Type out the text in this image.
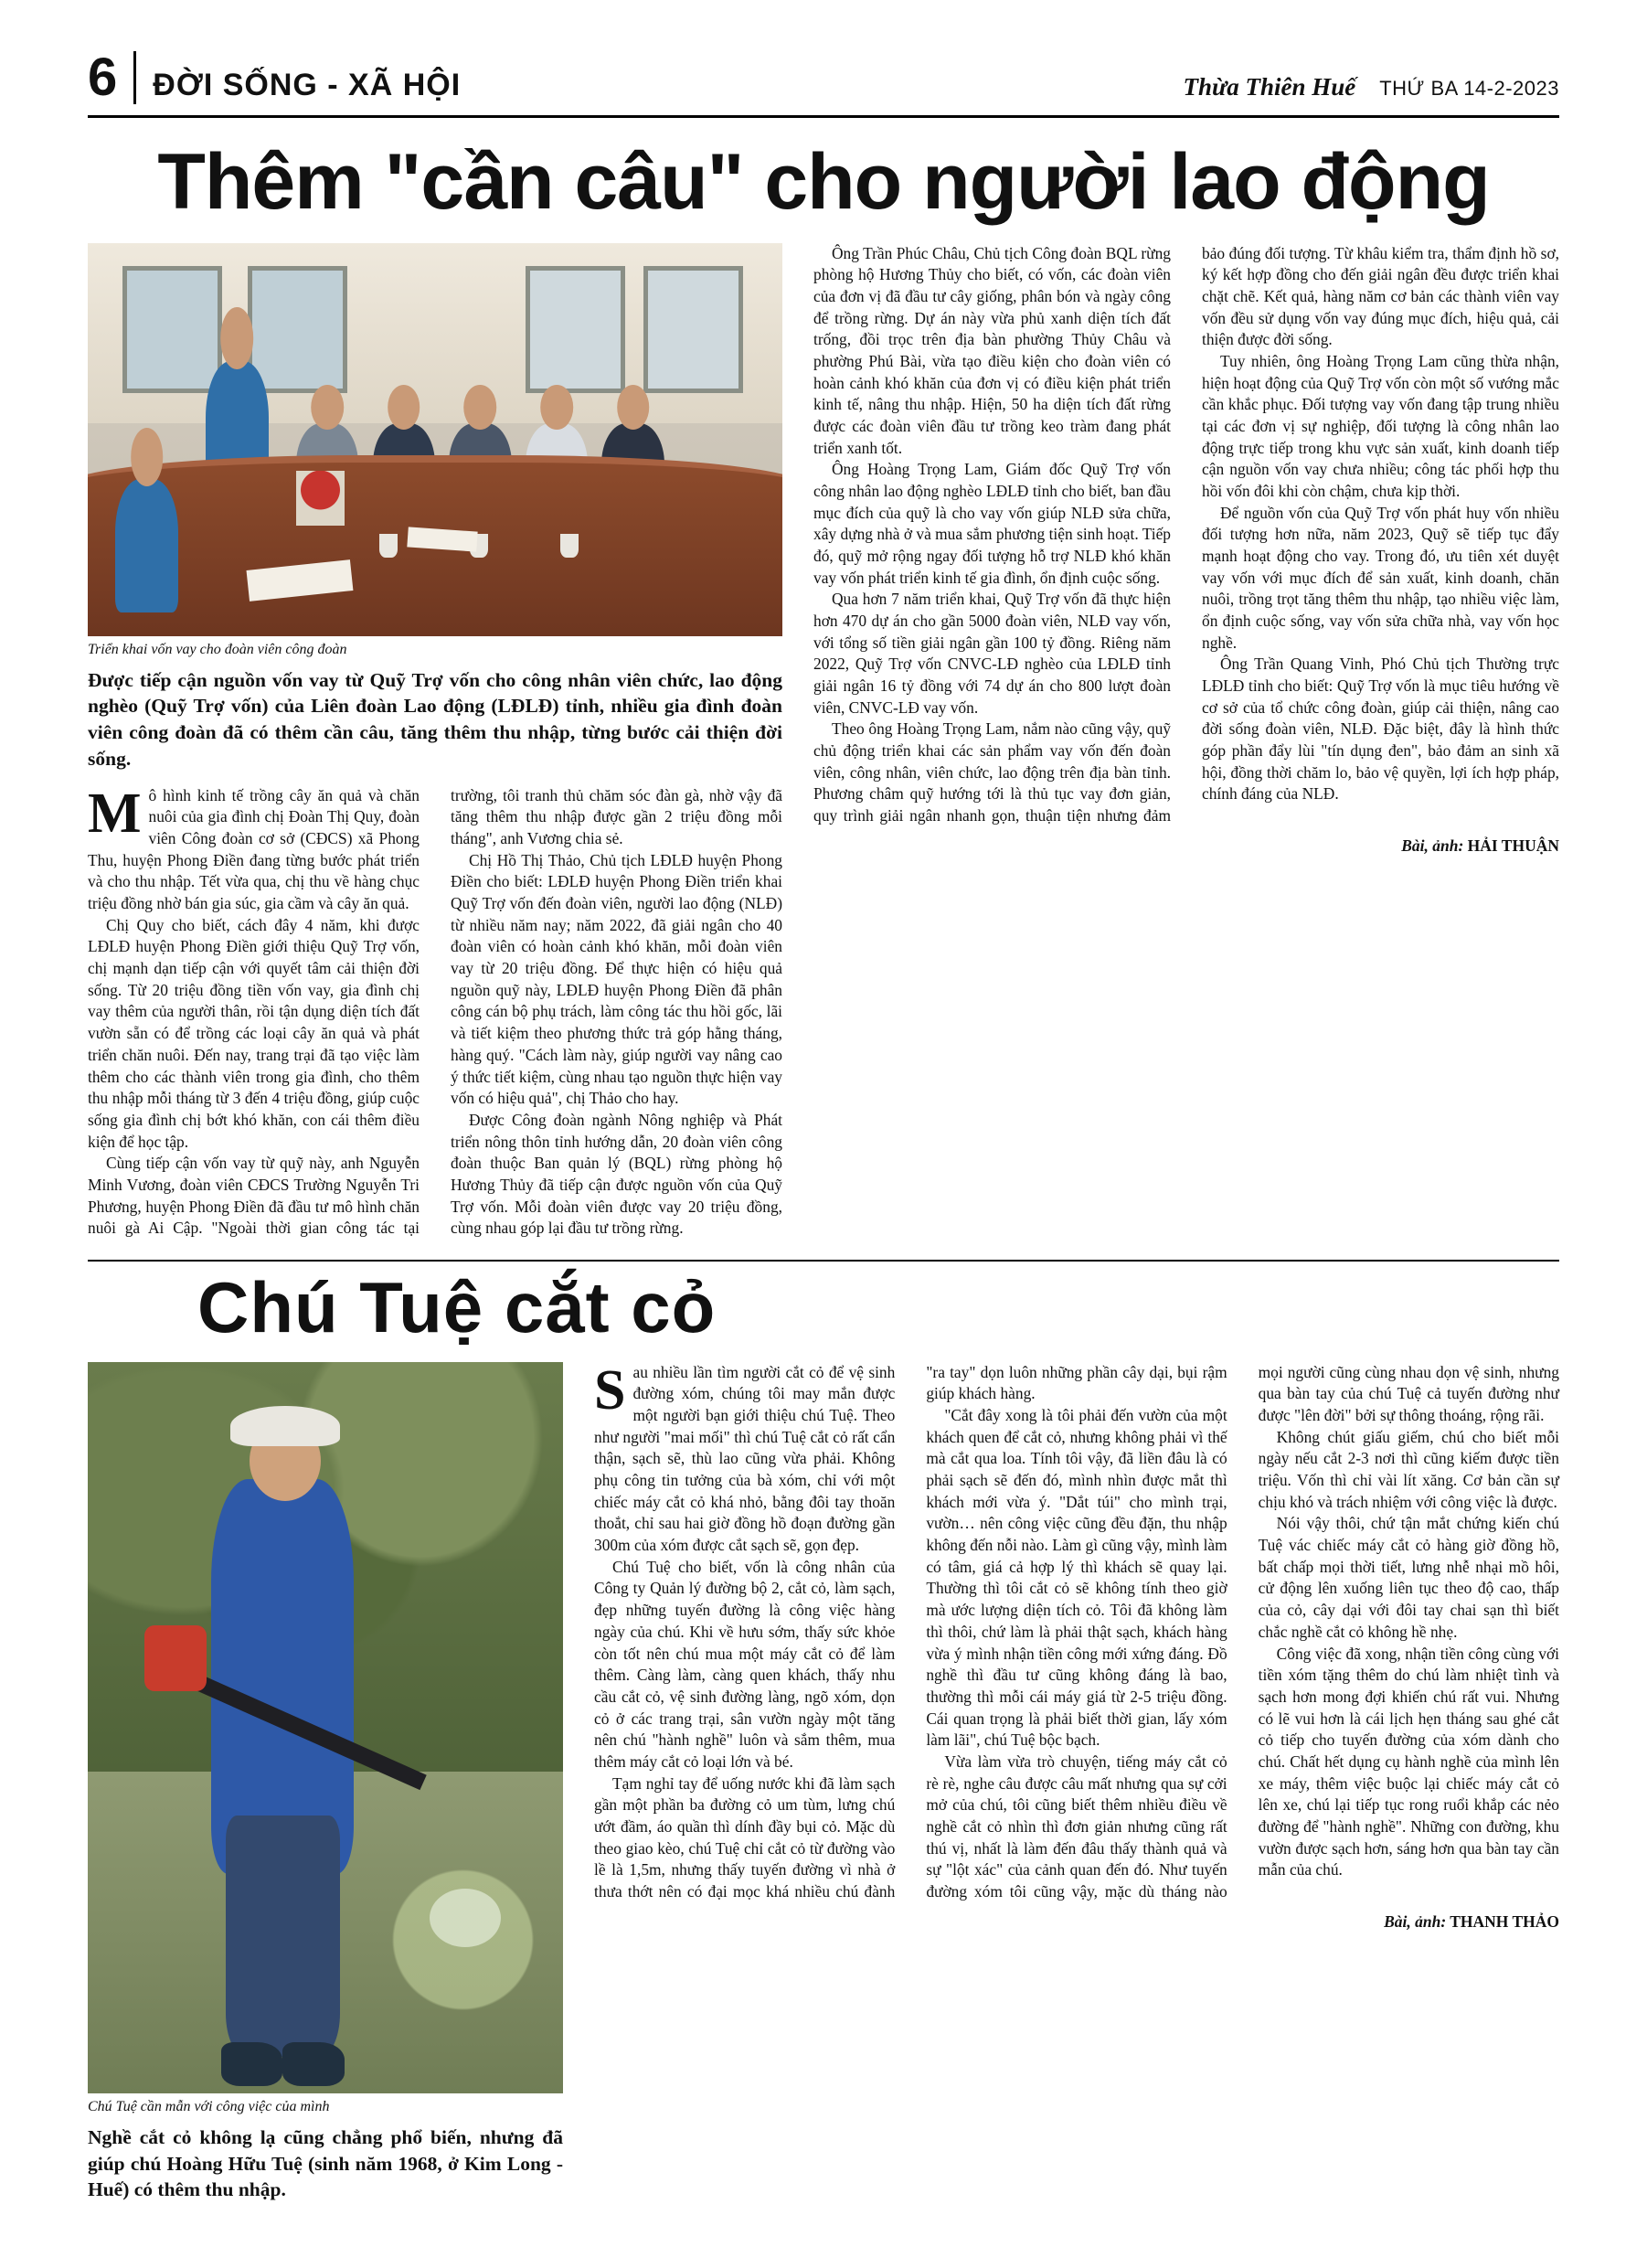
6 ĐỜI SỐNG - XÃ HỘI	Thừa Thiên Huế THỨ BA 14-2-2023
Thêm "cần câu" cho người lao động
Triển khai vốn vay cho đoàn viên công đoàn
Được tiếp cận nguồn vốn vay từ Quỹ Trợ vốn cho công nhân viên chức, lao động nghèo (Quỹ Trợ vốn) của Liên đoàn Lao động (LĐLĐ) tỉnh, nhiều gia đình đoàn viên công đoàn đã có thêm cần câu, tăng thêm thu nhập, từng bước cải thiện đời sống.

Mô hình kinh tế trồng cây ăn quả và chăn nuôi của gia đình chị Đoàn Thị Quy, đoàn viên Công đoàn cơ sở (CĐCS) xã Phong Thu, huyện Phong Điền đang từng bước phát triển và cho thu nhập. Tết vừa qua, chị thu về hàng chục triệu đồng nhờ bán gia súc, gia cầm và cây ăn quả.

Chị Quy cho biết, cách đây 4 năm, khi được LĐLĐ huyện Phong Điền giới thiệu Quỹ Trợ vốn, chị mạnh dạn tiếp cận với quyết tâm cải thiện đời sống. Từ 20 triệu đồng tiền vốn vay, gia đình chị vay thêm của người thân, rồi tận dụng diện tích đất vườn sẵn có để trồng các loại cây ăn quả và phát triển chăn nuôi. Đến nay, trang trại đã tạo việc làm thêm cho các thành viên trong gia đình, cho thêm thu nhập mỗi tháng từ 3 đến 4 triệu đồng, giúp cuộc sống gia đình chị bớt khó khăn, con cái thêm điều kiện để học tập.

Cùng tiếp cận vốn vay từ quỹ này, anh Nguyễn Minh Vương, đoàn viên CĐCS Trường Nguyễn Tri Phương, huyện Phong Điền đã đầu tư mô hình chăn nuôi gà Ai Cập. "Ngoài thời gian công tác tại trường, tôi tranh thủ chăm sóc đàn gà, nhờ vậy đã tăng thêm thu nhập được gần 2 triệu đồng mỗi tháng", anh Vương chia sẻ.

Chị Hồ Thị Thảo, Chủ tịch LĐLĐ huyện Phong Điền cho biết: LĐLĐ huyện Phong Điền triển khai Quỹ Trợ vốn đến đoàn viên, người lao động (NLĐ) từ nhiều năm nay; năm 2022, đã giải ngân cho 40 đoàn viên có hoàn cảnh khó khăn, mỗi đoàn viên vay từ 20 triệu đồng. Để thực hiện có hiệu quả nguồn quỹ này, LĐLĐ huyện Phong Điền đã phân công cán bộ phụ trách, làm công tác thu hồi gốc, lãi và tiết kiệm theo phương thức trả góp hằng tháng, hàng quý. "Cách làm này, giúp người vay nâng cao ý thức tiết kiệm, cùng nhau tạo nguồn thực hiện vay vốn có hiệu quả", chị Thảo cho hay.

Được Công đoàn ngành Nông nghiệp và Phát triển nông thôn tỉnh hướng dẫn, 20 đoàn viên công đoàn thuộc Ban quản lý (BQL) rừng phòng hộ Hương Thủy đã tiếp cận được nguồn vốn của Quỹ Trợ vốn. Mỗi đoàn viên được vay 20 triệu đồng, cùng nhau góp lại đầu tư trồng rừng.

Ông Trần Phúc Châu, Chủ tịch Công đoàn BQL rừng phòng hộ Hương Thủy cho biết, có vốn, các đoàn viên của đơn vị đã đầu tư cây giống, phân bón và ngày công để trồng rừng. Dự án này vừa phủ xanh diện tích đất trống, đồi trọc trên địa bàn phường Thủy Châu và phường Phú Bài, vừa tạo điều kiện cho đoàn viên có hoàn cảnh khó khăn của đơn vị có điều kiện phát triển kinh tế, nâng thu nhập. Hiện, 50 ha diện tích đất rừng được các đoàn viên đầu tư trồng keo tràm đang phát triển xanh tốt.

Ông Hoàng Trọng Lam, Giám đốc Quỹ Trợ vốn công nhân lao động nghèo LĐLĐ tỉnh cho biết, ban đầu mục đích của quỹ là cho vay vốn giúp NLĐ sửa chữa, xây dựng nhà ở và mua sắm phương tiện sinh hoạt. Tiếp đó, quỹ mở rộng ngay đối tượng hỗ trợ NLĐ khó khăn vay vốn phát triển kinh tế gia đình, ổn định cuộc sống.

Qua hơn 7 năm triển khai, Quỹ Trợ vốn đã thực hiện hơn 470 dự án cho gần 5000 đoàn viên, NLĐ vay vốn, với tổng số tiền giải ngân gần 100 tỷ đồng. Riêng năm 2022, Quỹ Trợ vốn CNVC-LĐ nghèo của LĐLĐ tỉnh giải ngân 16 tỷ đồng với 74 dự án cho 800 lượt đoàn viên, CNVC-LĐ vay vốn.

Theo ông Hoàng Trọng Lam, nắm nào cũng vậy, quỹ chủ động triển khai các sản phẩm vay vốn đến đoàn viên, công nhân, viên chức, lao động trên địa bàn tỉnh. Phương châm quỹ hướng tới là thủ tục vay đơn giản, quy trình giải ngân nhanh gọn, thuận tiện nhưng đảm bảo đúng đối tượng. Từ khâu kiểm tra, thẩm định hồ sơ, ký kết hợp đồng cho đến giải ngân đều được triển khai chặt chẽ. Kết quả, hàng năm cơ bản các thành viên vay vốn đều sử dụng vốn vay đúng mục đích, hiệu quả, cải thiện được đời sống.

Tuy nhiên, ông Hoàng Trọng Lam cũng thừa nhận, hiện hoạt động của Quỹ Trợ vốn còn một số vướng mắc cần khắc phục. Đối tượng vay vốn đang tập trung nhiều tại các đơn vị sự nghiệp, đối tượng là công nhân lao động trực tiếp trong khu vực sản xuất, kinh doanh tiếp cận nguồn vốn vay chưa nhiều; công tác phối hợp thu hồi vốn đôi khi còn chậm, chưa kịp thời.

Để nguồn vốn của Quỹ Trợ vốn phát huy vốn nhiều đối tượng hơn nữa, năm 2023, Quỹ sẽ tiếp tục đẩy mạnh hoạt động cho vay. Trong đó, ưu tiên xét duyệt vay vốn với mục đích để sản xuất, kinh doanh, chăn nuôi, trồng trọt tăng thêm thu nhập, tạo nhiều việc làm, ổn định cuộc sống, vay vốn sửa chữa nhà, vay vốn học nghề.

Ông Trần Quang Vinh, Phó Chủ tịch Thường trực LĐLĐ tỉnh cho biết: Quỹ Trợ vốn là mục tiêu hướng về cơ sở của tổ chức công đoàn, giúp cải thiện, nâng cao đời sống đoàn viên, NLĐ. Đặc biệt, đây là hình thức góp phần đẩy lùi "tín dụng đen", bảo đảm an sinh xã hội, đồng thời chăm lo, bảo vệ quyền, lợi ích hợp pháp, chính đáng của NLĐ.

Bài, ảnh: HẢI THUẬN
Chú Tuệ cắt cỏ
Chú Tuệ cần mẫn với công việc của mình
Nghề cắt cỏ không lạ cũng chẳng phổ biến, nhưng đã giúp chú Hoàng Hữu Tuệ (sinh năm 1968, ở Kim Long - Huế) có thêm thu nhập.

Sau nhiều lần tìm người cắt cỏ để vệ sinh đường xóm, chúng tôi may mắn được một người bạn giới thiệu chú Tuệ. Theo như người "mai mối" thì chú Tuệ cắt cỏ rất cẩn thận, sạch sẽ, thù lao cũng vừa phải. Không phụ công tin tưởng của bà xóm, chỉ với một chiếc máy cắt cỏ khá nhỏ, bằng đôi tay thoăn thoắt, chỉ sau hai giờ đồng hồ đoạn đường gần 300m của xóm được cắt sạch sẽ, gọn đẹp.

Chú Tuệ cho biết, vốn là công nhân của Công ty Quản lý đường bộ 2, cắt cỏ, làm sạch, đẹp những tuyến đường là công việc hàng ngày của chú. Khi về hưu sớm, thấy sức khỏe còn tốt nên chú mua một máy cắt cỏ để làm thêm. Càng làm, càng quen khách, thấy nhu cầu cắt cỏ, vệ sinh đường làng, ngõ xóm, dọn cỏ ở các trang trại, sân vườn ngày một tăng nên chú "hành nghề" luôn và sắm thêm, mua thêm máy cắt cỏ loại lớn và bé.

Tạm nghỉ tay để uống nước khi đã làm sạch gần một phần ba đường cỏ um tùm, lưng chú ướt đầm, áo quần thì dính đầy bụi cỏ. Mặc dù theo giao kèo, chú Tuệ chỉ cắt cỏ từ đường vào lề là 1,5m, nhưng thấy tuyến đường vì nhà ở thưa thớt nên có đại mọc khá nhiều chú đành "ra tay" dọn luôn những phần cây dại, bụi rậm giúp khách hàng.

"Cắt đây xong là tôi phải đến vườn của một khách quen để cắt cỏ, nhưng không phải vì thế mà cắt qua loa. Tính tôi vậy, đã liền đâu là có phải sạch sẽ đến đó, mình nhìn được mắt thì khách mới vừa ý. "Dắt túi" cho mình trại, vườn… nên công việc cũng đều đặn, thu nhập không đến nỗi nào. Làm gì cũng vậy, mình làm có tâm, giá cả hợp lý thì khách sẽ quay lại. Thường thì tôi cắt cỏ sẽ không tính theo giờ mà ước lượng diện tích cỏ. Tôi đã không làm thì thôi, chứ làm là phải thật sạch, khách hàng vừa ý mình nhận tiền công mới xứng đáng. Đồ nghề thì đầu tư cũng không đáng là bao, thường thì mỗi cái máy giá từ 2-5 triệu đồng. Cái quan trọng là phải biết thời gian, lấy xóm làm lãi", chú Tuệ bộc bạch.

Vừa làm vừa trò chuyện, tiếng máy cắt cỏ rè rè, nghe câu được câu mất nhưng qua sự cởi mở của chú, tôi cũng biết thêm nhiều điều về nghề cắt cỏ nhìn thì đơn giản nhưng cũng rất thú vị, nhất là làm đến đâu thấy thành quả và sự "lột xác" của cảnh quan đến đó. Như tuyến đường xóm tôi cũng vậy, mặc dù tháng nào mọi người cũng cùng nhau dọn vệ sinh, nhưng qua bàn tay của chú Tuệ cả tuyến đường như được "lên đời" bởi sự thông thoáng, rộng rãi.

Không chút giấu giếm, chú cho biết mỗi ngày nếu cắt 2-3 nơi thì cũng kiếm được tiền triệu. Vốn thì chỉ vài lít xăng. Cơ bản cần sự chịu khó và trách nhiệm với công việc là được.

Nói vậy thôi, chứ tận mắt chứng kiến chú Tuệ vác chiếc máy cắt cỏ hàng giờ đồng hồ, bất chấp mọi thời tiết, lưng nhễ nhại mồ hôi, cử động lên xuống liên tục theo độ cao, thấp của cỏ, cây dại với đôi tay chai sạn thì biết chắc nghề cắt cỏ không hề nhẹ.

Công việc đã xong, nhận tiền công cùng với tiền xóm tặng thêm do chú làm nhiệt tình và sạch hơn mong đợi khiến chú rất vui. Nhưng có lẽ vui hơn là cái lịch hẹn tháng sau ghé cắt cỏ tiếp cho tuyến đường của xóm dành cho chú. Chất hết dụng cụ hành nghề của mình lên xe máy, thêm việc buộc lại chiếc máy cắt cỏ lên xe, chú lại tiếp tục rong ruổi khắp các nẻo đường để "hành nghề". Những con đường, khu vườn được sạch hơn, sáng hơn qua bàn tay cần mẫn của chú.

Bài, ảnh: THANH THẢO
